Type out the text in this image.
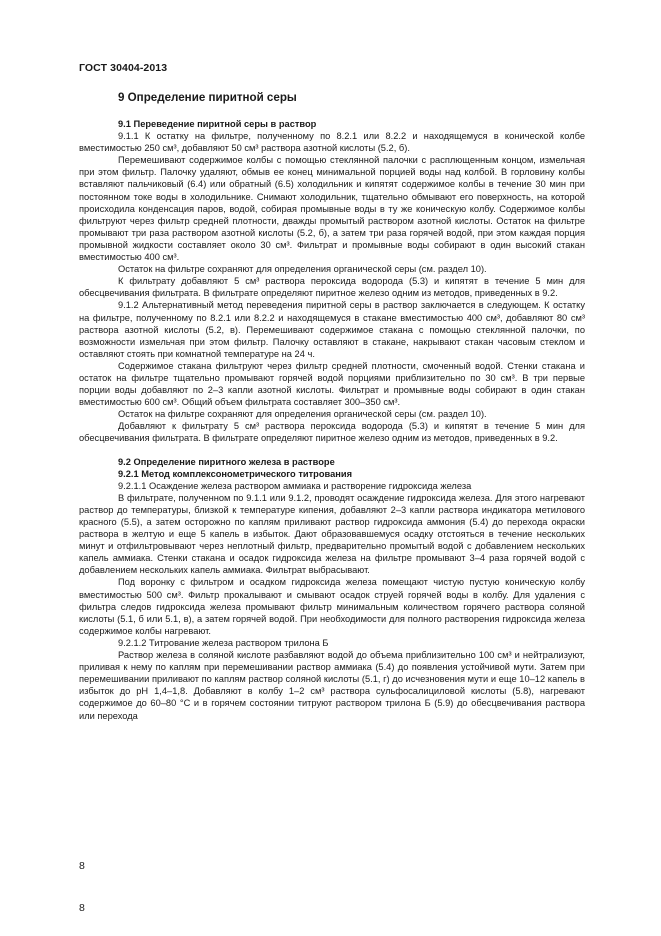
ГОСТ 30404-2013

9 Определение пиритной серы

9.1 Переведение пиритной серы в раствор

9.1.1 К остатку на фильтре, полученному по 8.2.1 или 8.2.2 и находящемуся в конической колбе вместимостью 250 см³, добавляют 50 см³ раствора азотной кислоты (5.2, б).

Перемешивают содержимое колбы с помощью стеклянной палочки с расплющенным концом, измельчая при этом фильтр. Палочку удаляют, обмыв ее конец минимальной порцией воды над колбой. В горловину колбы вставляют пальчиковый (6.4) или обратный (6.5) холодильник и кипятят содержимое колбы в течение 30 мин при постоянном токе воды в холодильнике. Снимают холодильник, тщательно обмывают его поверхность, на которой происходила конденсация паров, водой, собирая промывные воды в ту же коническую колбу. Содержимое колбы фильтруют через фильтр средней плотности, дважды промытый раствором азотной кислоты. Остаток на фильтре промывают три раза раствором азотной кислоты (5.2, б), а затем три раза горячей водой, при этом каждая порция промывной жидкости составляет около 30 см³. Фильтрат и промывные воды собирают в один высокий стакан вместимостью 400 см³.

Остаток на фильтре сохраняют для определения органической серы (см. раздел 10).

К фильтрату добавляют 5 см³ раствора пероксида водорода (5.3) и кипятят в течение 5 мин для обесцвечивания фильтрата. В фильтрате определяют пиритное железо одним из методов, приведенных в 9.2.

9.1.2 Альтернативный метод переведения пиритной серы в раствор заключается в следующем. К остатку на фильтре, полученному по 8.2.1 или 8.2.2 и находящемуся в стакане вместимостью 400 см³, добавляют 80 см³ раствора азотной кислоты (5.2, в). Перемешивают содержимое стакана с помощью стеклянной палочки, по возможности измельчая при этом фильтр. Палочку оставляют в стакане, накрывают стакан часовым стеклом и оставляют стоять при комнатной температуре на 24 ч.

Содержимое стакана фильтруют через фильтр средней плотности, смоченный водой. Стенки стакана и остаток на фильтре тщательно промывают горячей водой порциями приблизительно по 30 см³. В три первые порции воды добавляют по 2–3 капли азотной кислоты. Фильтрат и промывные воды собирают в один стакан вместимостью 600 см³. Общий объем фильтрата составляет 300–350 см³.

Остаток на фильтре сохраняют для определения органической серы (см. раздел 10).

Добавляют к фильтрату 5 см³ раствора пероксида водорода (5.3) и кипятят в течение 5 мин для обесцвечивания фильтрата. В фильтрате определяют пиритное железо одним из методов, приведенных в 9.2.

9.2 Определение пиритного железа в растворе

9.2.1 Метод комплексонометрического титрования

9.2.1.1 Осаждение железа раствором аммиака и растворение гидроксида железа

В фильтрате, полученном по 9.1.1 или 9.1.2, проводят осаждение гидроксида железа. Для этого нагревают раствор до температуры, близкой к температуре кипения, добавляют 2–3 капли раствора индикатора метилового красного (5.5), а затем осторожно по каплям приливают раствор гидроксида аммония (5.4) до перехода окраски раствора в желтую и еще 5 капель в избыток. Дают образовавшемуся осадку отстояться в течение нескольких минут и отфильтровывают через неплотный фильтр, предварительно промытый водой с добавлением нескольких капель аммиака. Стенки стакана и осадок гидроксида железа на фильтре промывают 3–4 раза горячей водой с добавлением нескольких капель аммиака. Фильтрат выбрасывают.

Под воронку с фильтром и осадком гидроксида железа помещают чистую пустую коническую колбу вместимостью 500 см³. Фильтр прокалывают и смывают осадок струей горячей воды в колбу. Для удаления с фильтра следов гидроксида железа промывают фильтр минимальным количеством горячего раствора соляной кислоты (5.1, б или 5.1, в), а затем горячей водой. При необходимости для полного растворения гидроксида железа содержимое колбы нагревают.

9.2.1.2 Титрование железа раствором трилона Б

Раствор железа в соляной кислоте разбавляют водой до объема приблизительно 100 см³ и нейтрализуют, приливая к нему по каплям при перемешивании раствор аммиака (5.4) до появления устойчивой мути. Затем при перемешивании приливают по каплям раствор соляной кислоты (5.1, г) до исчезновения мути и еще 10–12 капель в избыток до pH 1,4–1,8. Добавляют в колбу 1–2 см³ раствора сульфосалициловой кислоты (5.8), нагревают содержимое до 60–80 °C и в горячем состоянии титруют раствором трилона Б (5.9) до обесцвечивания раствора или перехода

8
8
